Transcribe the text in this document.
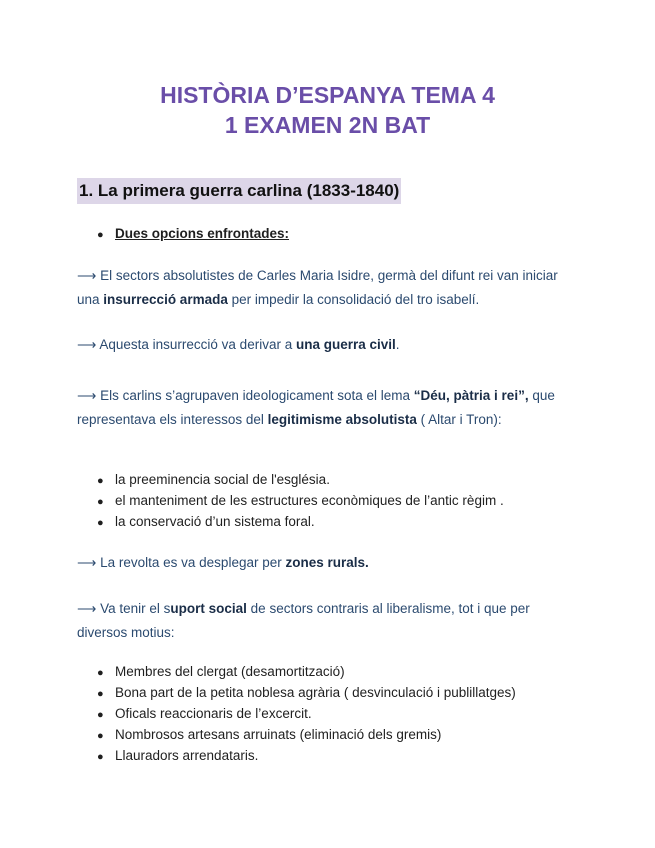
HISTÒRIA D’ESPANYA TEMA 4
1 EXAMEN 2N BAT
1. La primera guerra carlina (1833-1840)
● Dues opcions enfrontades:
⟶ El sectors absolutistes de Carles Maria Isidre, germà del difunt rei van iniciar una insurrecció armada per impedir la consolidació del tro isabelí.
⟶ Aquesta insurrecció va derivar a una guerra civil.
⟶ Els carlins s’agrupaven ideologicament sota el lema “Déu, pàtria i rei”, que representava els interessos del legitimisme absolutista ( Altar i Tron):
● la preeminencia social de l'església.
● el manteniment de les estructures econòmiques de l’antic règim .
● la conservació d’un sistema foral.
⟶ La revolta es va desplegar per zones rurals.
⟶ Va tenir el suport social de sectors contraris al liberalisme, tot i que per diversos motius:
● Membres del clergat (desamortització)
● Bona part de la petita noblesa agrària ( desvinculació i publillatges)
● Oficals reaccionaris de l’excercit.
● Nombrosos artesans arruinats (eliminació dels gremis)
● Llauradors arrendataris.
